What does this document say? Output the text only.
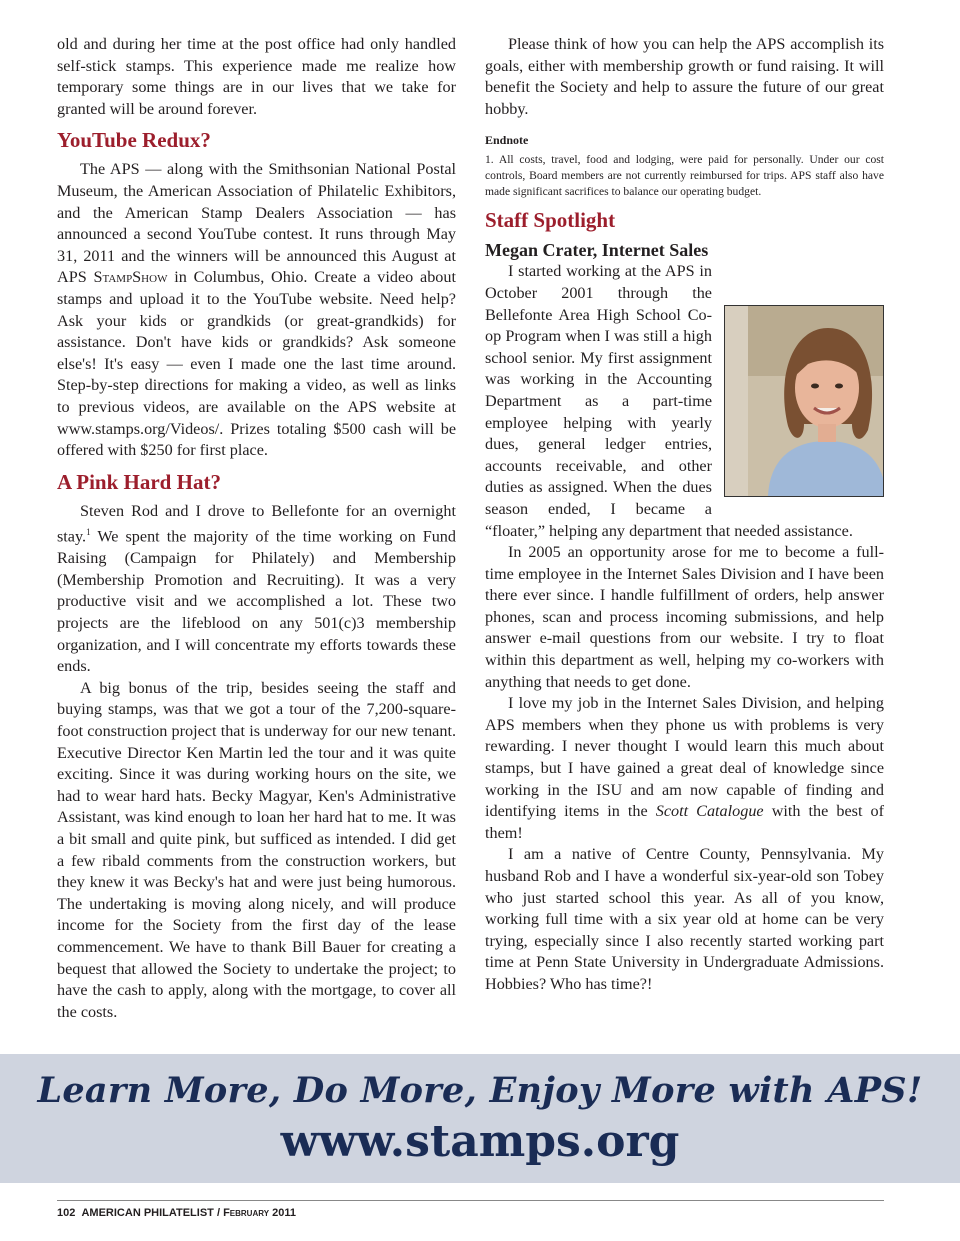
old and during her time at the post office had only handled self-stick stamps. This experience made me realize how temporary some things are in our lives that we take for granted will be around forever.

YouTube Redux?

The APS — along with the Smithsonian National Postal Museum, the American Association of Philatelic Exhibitors, and the American Stamp Dealers Association — has announced a second YouTube contest. It runs through May 31, 2011 and the winners will be announced this August at APS StampShow in Columbus, Ohio. Create a video about stamps and upload it to the YouTube website. Need help? Ask your kids or grandkids (or great-grandkids) for assistance. Don't have kids or grandkids? Ask someone else's! It's easy — even I made one the last time around. Step-by-step directions for making a video, as well as links to previous videos, are available on the APS website at www.stamps.org/Videos/. Prizes totaling $500 cash will be offered with $250 for first place.

A Pink Hard Hat?

Steven Rod and I drove to Bellefonte for an overnight stay.$^1$ We spent the majority of the time working on Fund Raising (Campaign for Philately) and Membership (Membership Promotion and Recruiting). It was a very productive visit and we accomplished a lot. These two projects are the lifeblood on any 501(c)3 membership organization, and I will concentrate my efforts towards these ends.

A big bonus of the trip, besides seeing the staff and buying stamps, was that we got a tour of the 7,200-square-foot construction project that is underway for our new tenant. Executive Director Ken Martin led the tour and it was quite exciting. Since it was during working hours on the site, we had to wear hard hats. Becky Magyar, Ken's Administrative Assistant, was kind enough to loan her hard hat to me. It was a bit small and quite pink, but sufficed as intended. I did get a few ribald comments from the construction workers, but they knew it was Becky's hat and were just being humorous. The undertaking is moving along nicely, and will produce income for the Society from the first day of the lease commencement. We have to thank Bill Bauer for creating a bequest that allowed the Society to undertake the project; to have the cash to apply, along with the mortgage, to cover all the costs.

Please think of how you can help the APS accomplish its goals, either with membership growth or fund raising. It will benefit the Society and help to assure the future of our great hobby.

Endnote

1. All costs, travel, food and lodging, were paid for personally. Under our cost controls, Board members are not currently reimbursed for trips. APS staff also have made significant sacrifices to balance our operating budget.

Staff Spotlight
Megan Crater, Internet Sales

I started working at the APS in October 2001 through the Bellefonte Area High School Co-op Program when I was still a high school senior. My first assignment was working in the Accounting Department as a part-time employee helping with yearly dues, general ledger entries, accounts receivable, and other duties as assigned. When the dues season ended, I became a “floater,” helping any department that needed assistance.

In 2005 an opportunity arose for me to become a full-time employee in the Internet Sales Division and I have been there ever since. I handle fulfillment of orders, help answer phones, scan and process incoming submissions, and help answer e-mail questions from our website. I try to float within this department as well, helping my co-workers with anything that needs to get done.

I love my job in the Internet Sales Division, and helping APS members when they phone us with problems is very rewarding. I never thought I would learn this much about stamps, but I have gained a great deal of knowledge since working in the ISU and am now capable of finding and identifying items in the Scott Catalogue with the best of them!

I am a native of Centre County, Pennsylvania. My husband Rob and I have a wonderful six-year-old son Tobey who just started school this year. As all of you know, working full time with a six year old at home can be very trying, especially since I also recently started working part time at Penn State University in Undergraduate Admissions. Hobbies? Who has time?!

Learn More, Do More, Enjoy More with APS!
www.stamps.org
102 AMERICAN PHILATELIST / February 2011
